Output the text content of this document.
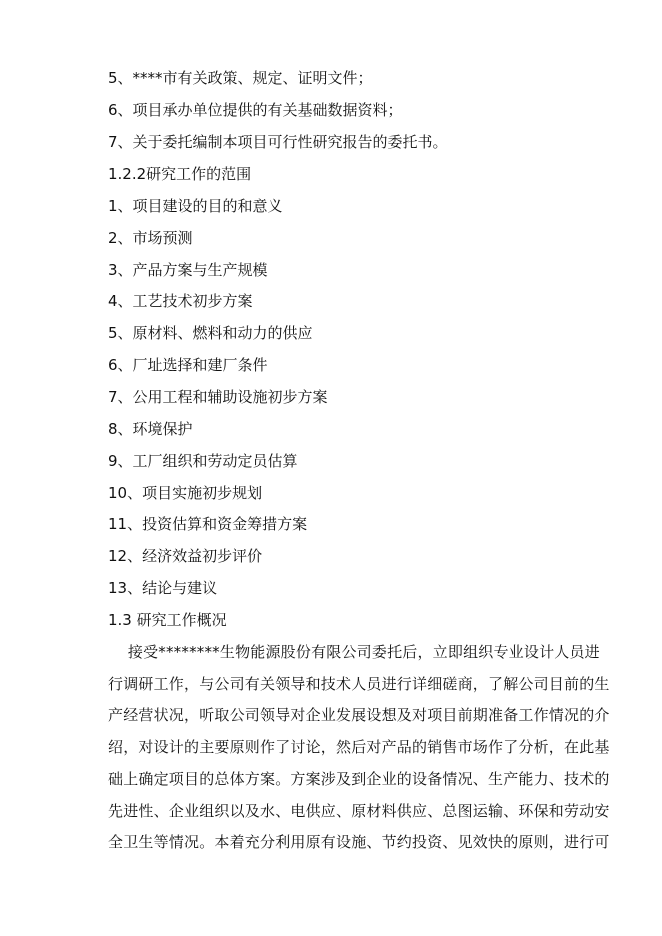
5、****市有关政策、规定、证明文件；
6、项目承办单位提供的有关基础数据资料；
7、关于委托编制本项目可行性研究报告的委托书。
1.2.2研究工作的范围
1、项目建设的目的和意义
2、市场预测
3、产品方案与生产规模
4、工艺技术初步方案
5、原材料、燃料和动力的供应
6、厂址选择和建厂条件
7、公用工程和辅助设施初步方案
8、环境保护
9、工厂组织和劳动定员估算
10、项目实施初步规划
11、投资估算和资金筹措方案
12、经济效益初步评价
13、结论与建议
1.3 研究工作概况
接受********生物能源股份有限公司委托后，立即组织专业设计人员进
行调研工作，与公司有关领导和技术人员进行详细磋商，了解公司目前的生
产经营状况，听取公司领导对企业发展设想及对项目前期准备工作情况的介
绍，对设计的主要原则作了讨论，然后对产品的销售市场作了分析，在此基
础上确定项目的总体方案。方案涉及到企业的设备情况、生产能力、技术的
先进性、企业组织以及水、电供应、原材料供应、总图运输、环保和劳动安
全卫生等情况。本着充分利用原有设施、节约投资、见效快的原则，进行可
